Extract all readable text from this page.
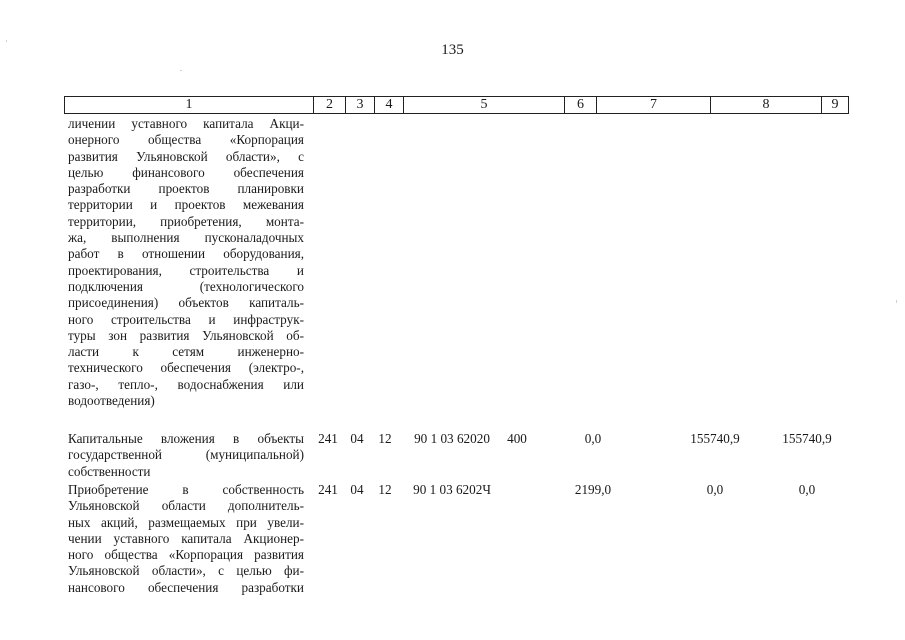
135
1	2	3	4	5	6	7	8	9
личении уставного капитала Акци-
онерного общества «Корпорация
развития Ульяновской области», с
целью финансового обеспечения
разработки проектов планировки
территории и проектов межевания
территории, приобретения, монта-
жа, выполнения пусконаладочных
работ в отношении оборудования,
проектирования, строительства и
подключения (технологического
присоединения) объектов капиталь-
ного строительства и инфраструк-
туры зон развития Ульяновской об-
ласти к сетям инженерно-
технического обеспечения (электро-,
газо-, тепло-, водоснабжения или
водоотведения)
Капитальные вложения в объекты
государственной (муниципальной)
собственности
241 04	12	90 1 03 62020	400	0,0	155740,9	155740,9
Приобретение в собственность
Ульяновской области дополнитель-
ных акций, размещаемых при увели-
чении уставного капитала Акционер-
ного общества «Корпорация развития
Ульяновской области», с целью фи-
нансового обеспечения разработки
241 04	12	90 1 03 6202Ч	2199,0	0,0	0,0
